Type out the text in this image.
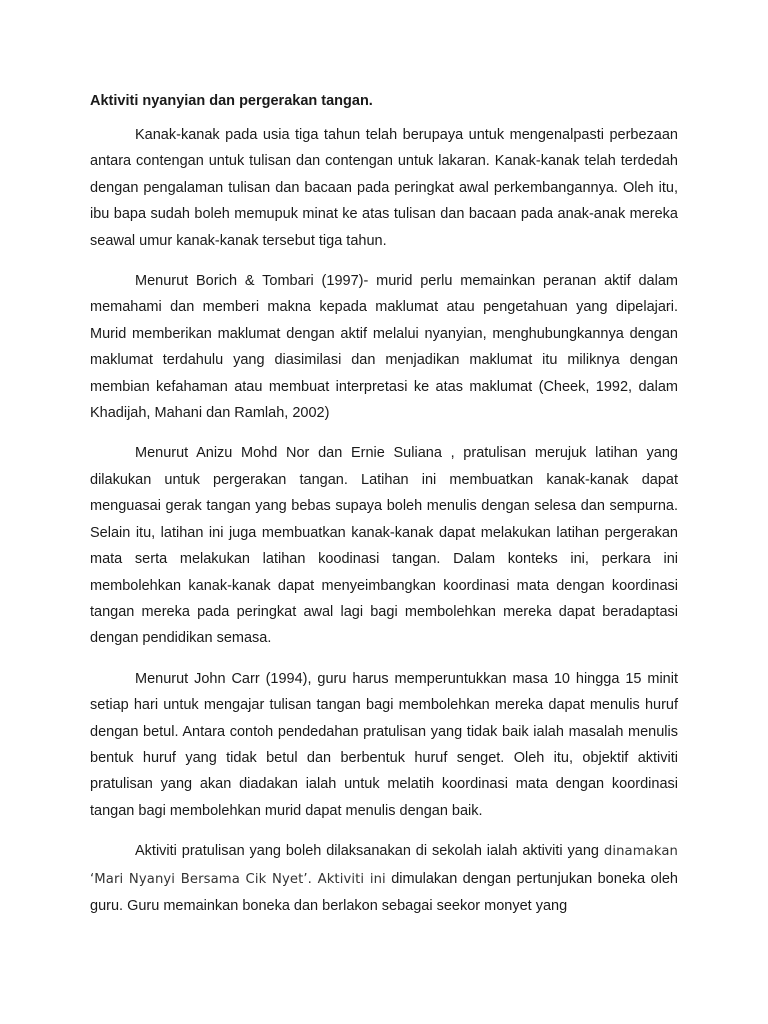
Aktiviti nyanyian dan pergerakan tangan.

Kanak-kanak pada usia tiga tahun telah berupaya untuk mengenalpasti perbezaan antara contengan untuk tulisan dan contengan untuk lakaran. Kanak-kanak telah terdedah dengan pengalaman tulisan dan bacaan pada peringkat awal perkembangannya. Oleh itu, ibu bapa sudah boleh memupuk minat ke atas tulisan dan bacaan pada anak-anak mereka seawal umur kanak-kanak tersebut tiga tahun.

Menurut Borich & Tombari (1997)- murid perlu memainkan peranan aktif dalam memahami dan memberi makna kepada maklumat atau pengetahuan yang dipelajari. Murid memberikan maklumat dengan aktif melalui nyanyian, menghubungkannya dengan maklumat terdahulu yang diasimilasi dan menjadikan maklumat itu miliknya dengan membian kefahaman atau membuat interpretasi ke atas maklumat (Cheek, 1992, dalam Khadijah, Mahani dan Ramlah, 2002)

Menurut Anizu Mohd Nor dan Ernie Suliana , pratulisan merujuk latihan yang dilakukan untuk pergerakan tangan. Latihan ini membuatkan kanak-kanak dapat menguasai gerak tangan yang bebas supaya boleh menulis dengan selesa dan sempurna. Selain itu, latihan ini juga membuatkan kanak-kanak dapat melakukan latihan pergerakan mata serta melakukan latihan koodinasi tangan. Dalam konteks ini, perkara ini membolehkan kanak-kanak dapat menyeimbangkan koordinasi mata dengan koordinasi tangan mereka pada peringkat awal lagi bagi membolehkan mereka dapat beradaptasi dengan pendidikan semasa.

Menurut John Carr (1994), guru harus memperuntukkan masa 10 hingga 15 minit setiap hari untuk mengajar tulisan tangan bagi membolehkan mereka dapat menulis huruf dengan betul. Antara contoh pendedahan pratulisan yang tidak baik ialah masalah menulis bentuk huruf yang tidak betul dan berbentuk huruf senget. Oleh itu, objektif aktiviti pratulisan yang akan diadakan ialah untuk melatih koordinasi mata dengan koordinasi tangan bagi membolehkan murid dapat menulis dengan baik.

Aktiviti pratulisan yang boleh dilaksanakan di sekolah ialah aktiviti yang dinamakan ‘Mari Nyanyi Bersama Cik Nyet’. Aktiviti ini dimulakan dengan pertunjukan boneka oleh guru. Guru memainkan boneka dan berlakon sebagai seekor monyet yang
